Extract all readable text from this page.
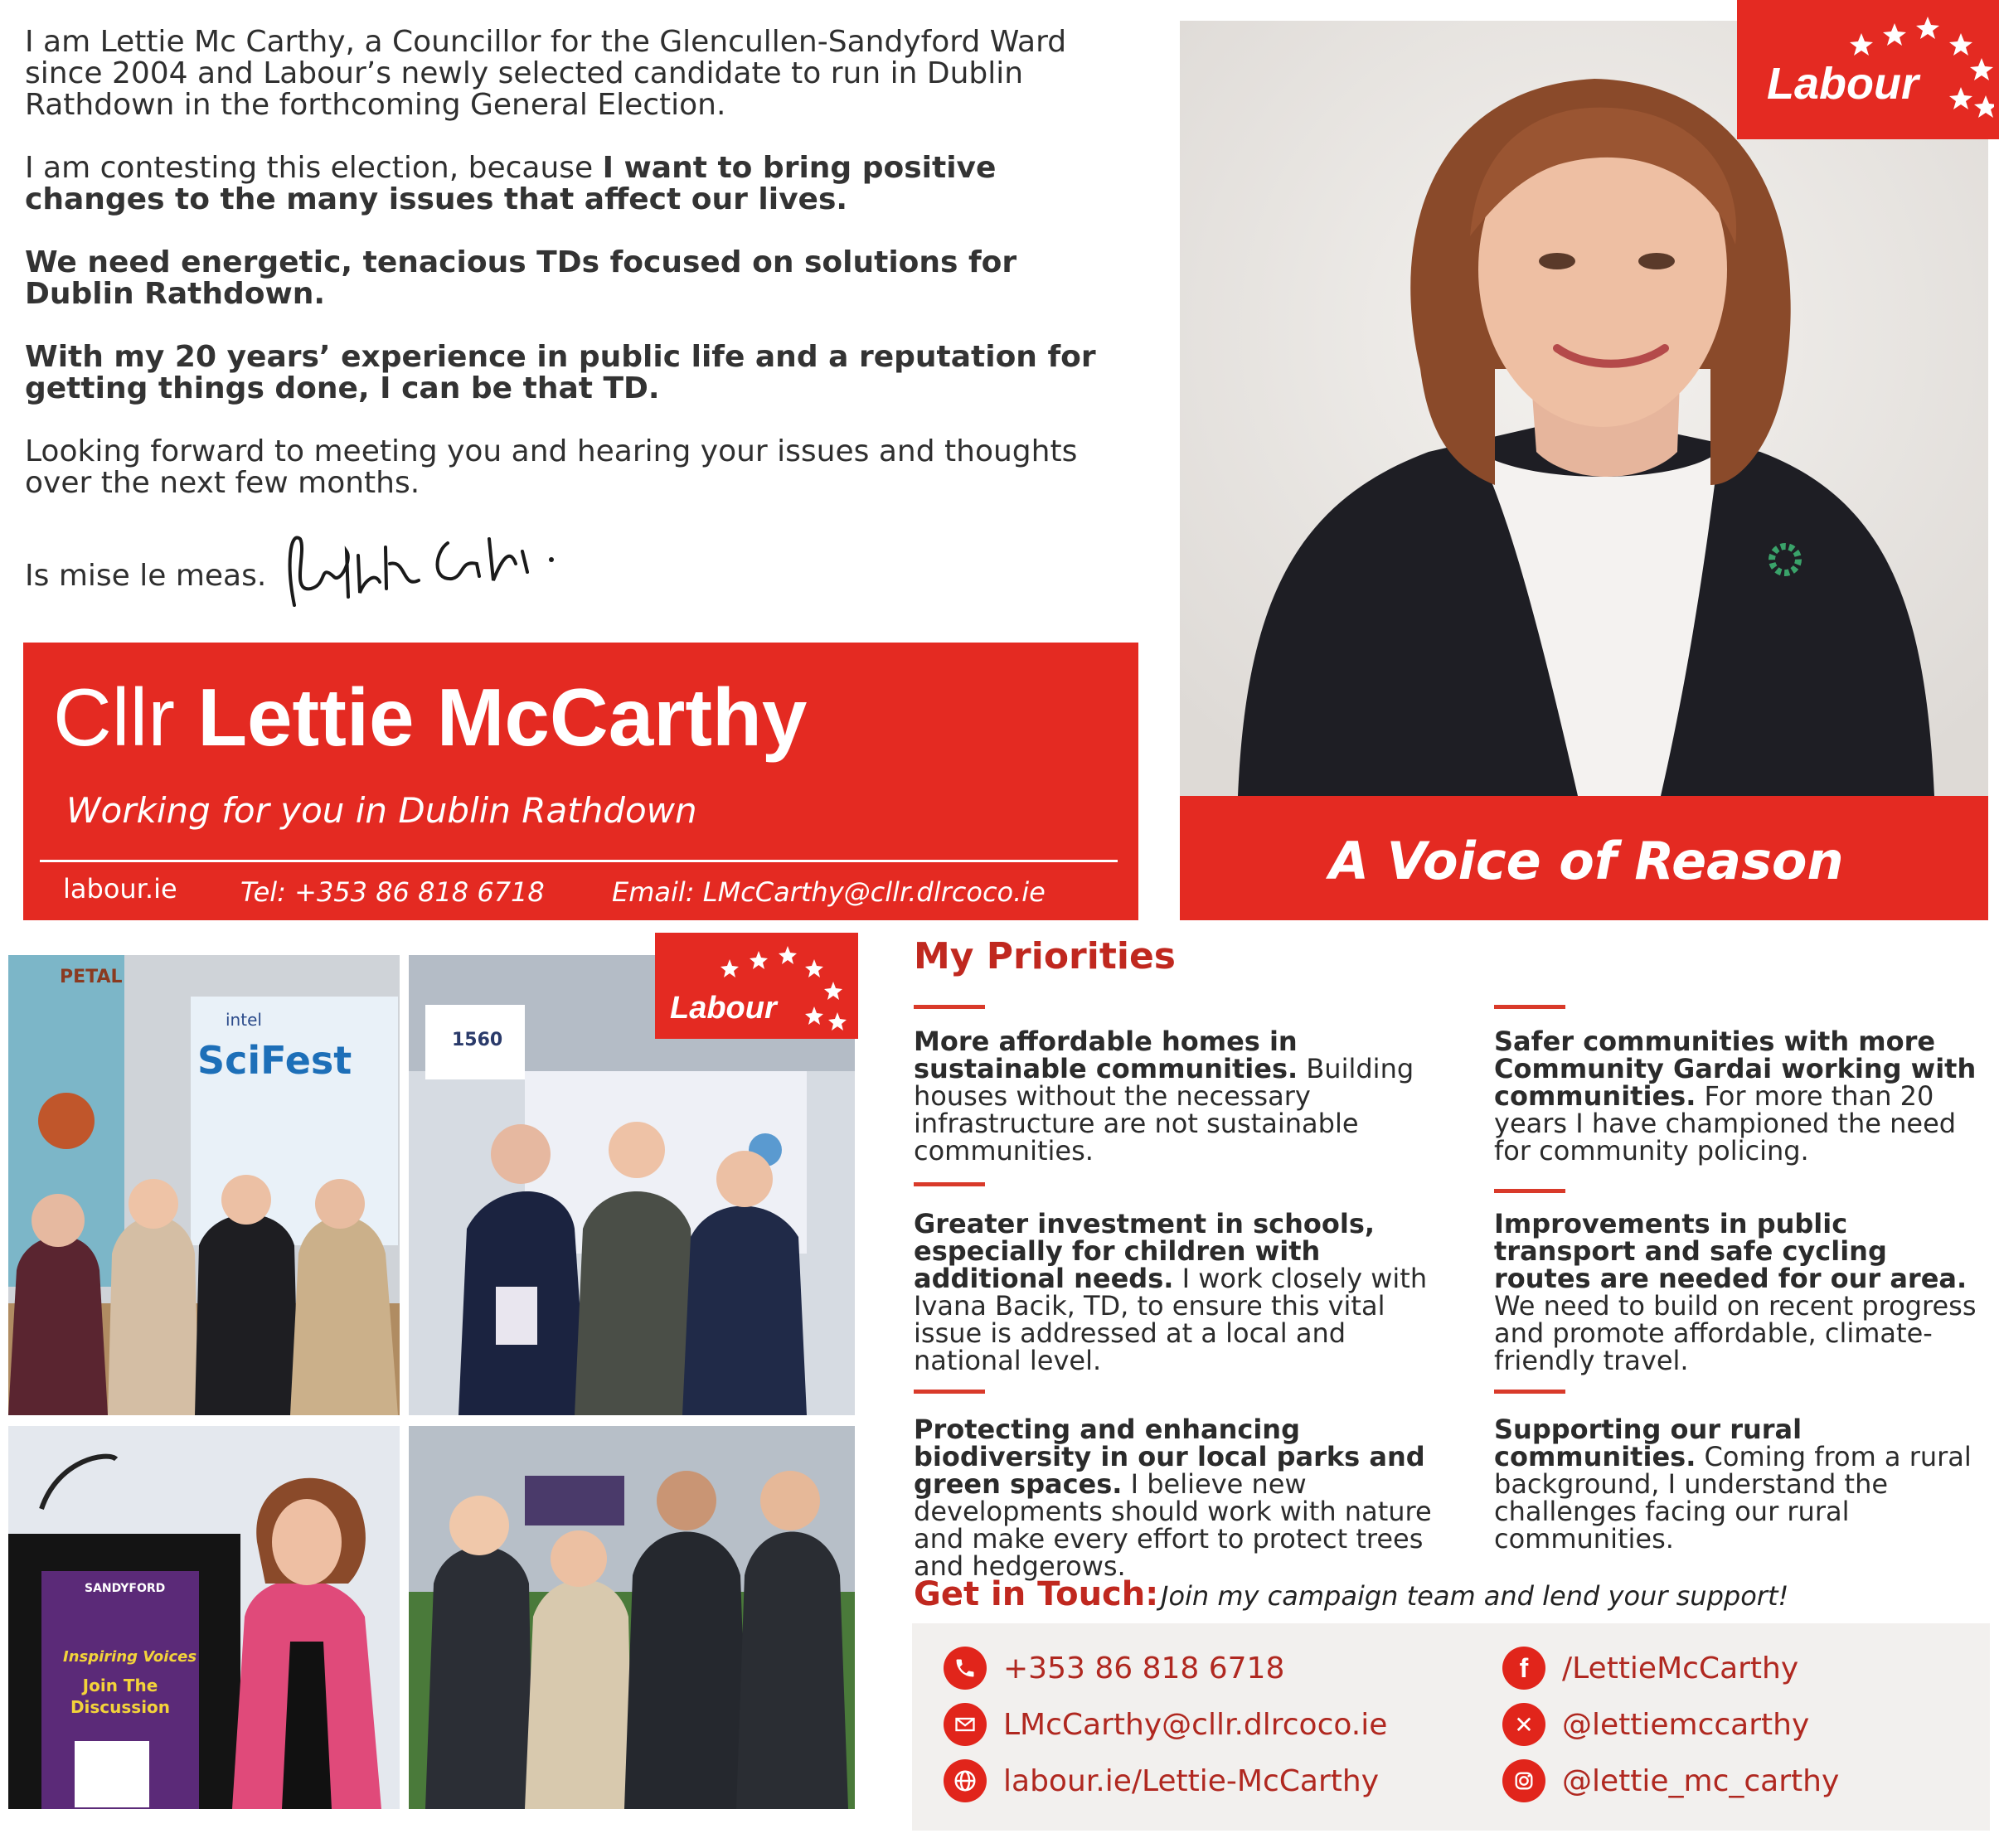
I am Lettie Mc Carthy, a Councillor for the Glencullen-Sandyford Ward since 2004 and Labour’s newly selected candidate to run in Dublin Rathdown in the forthcoming General Election.

I am contesting this election, because I want to bring positive changes to the many issues that affect our lives.

We need energetic, tenacious TDs focused on solutions for Dublin Rathdown.

With my 20 years’ experience in public life and a reputation for getting things done, I can be that TD.

Looking forward to meeting you and hearing your issues and thoughts over the next few months.

Is mise le meas.
Cllr Lettie McCarthy
Working for you in Dublin Rathdown
labour.ie Tel: +353 86 818 6718	Email: LMcCarthy@cllr.dlrcoco.ie
Labour
A Voice of Reason
SciFest
intel
PETAL
1560
Labour
SANDYFORD
Inspiring Voices
Join The Discussion
My Priorities
More affordable homes in sustainable communities. Building houses without the necessary infrastructure are not sustainable communities.
Safer communities with more Community Gardai working with communities. For more than 20 years I have championed the need for community policing.
Greater investment in schools, especially for children with additional needs. I work closely with Ivana Bacik, TD, to ensure this vital issue is addressed at a local and national level.
Improvements in public transport and safe cycling routes are needed for our area. We need to build on recent progress and promote affordable, climate-friendly travel.
Protecting and enhancing biodiversity in our local parks and green spaces. I believe new developments should work with nature and make every effort to protect trees and hedgerows.
Supporting our rural communities. Coming from a rural background, I understand the challenges facing our rural communities.
Get in Touch: Join my campaign team and lend your support!
+353 86 818 6718
LMcCarthy@cllr.dlrcoco.ie
labour.ie/Lettie-McCarthy
f	/LettieMcCarthy
✕ @lettiemccarthy
@lettie_mc_carthy
